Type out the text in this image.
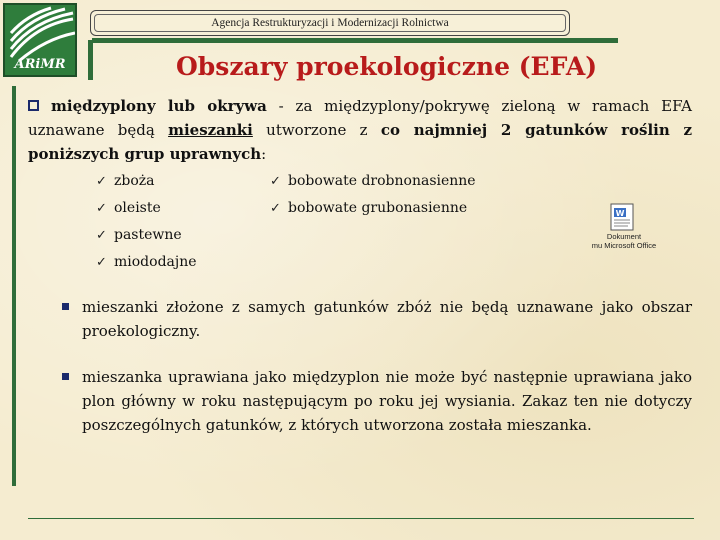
ARiMR
Agencja Restrukturyzacji i Modernizacji Rolnictwa
Obszary proekologiczne (EFA)
międzyplony lub okrywa - za międzyplony/pokrywę zieloną w ramach EFA uznawane będą mieszanki utworzone z co najmniej 2 gatunków roślin z poniższych grup uprawnych:
✓ zboża
✓ oleiste
✓ pastewne
✓ miododajne
✓ bobowate drobnonasienne
✓ bobowate grubonasienne	W
Dokument
mu Microsoft Office
mieszanki złożone z samych gatunków zbóż nie będą uznawane jako obszar proekologiczny.
mieszanka uprawiana jako międzyplon nie może być następnie uprawiana jako plon główny w roku następującym po roku jej wysiania. Zakaz ten nie dotyczy poszczególnych gatunków, z których utworzona została mieszanka.
